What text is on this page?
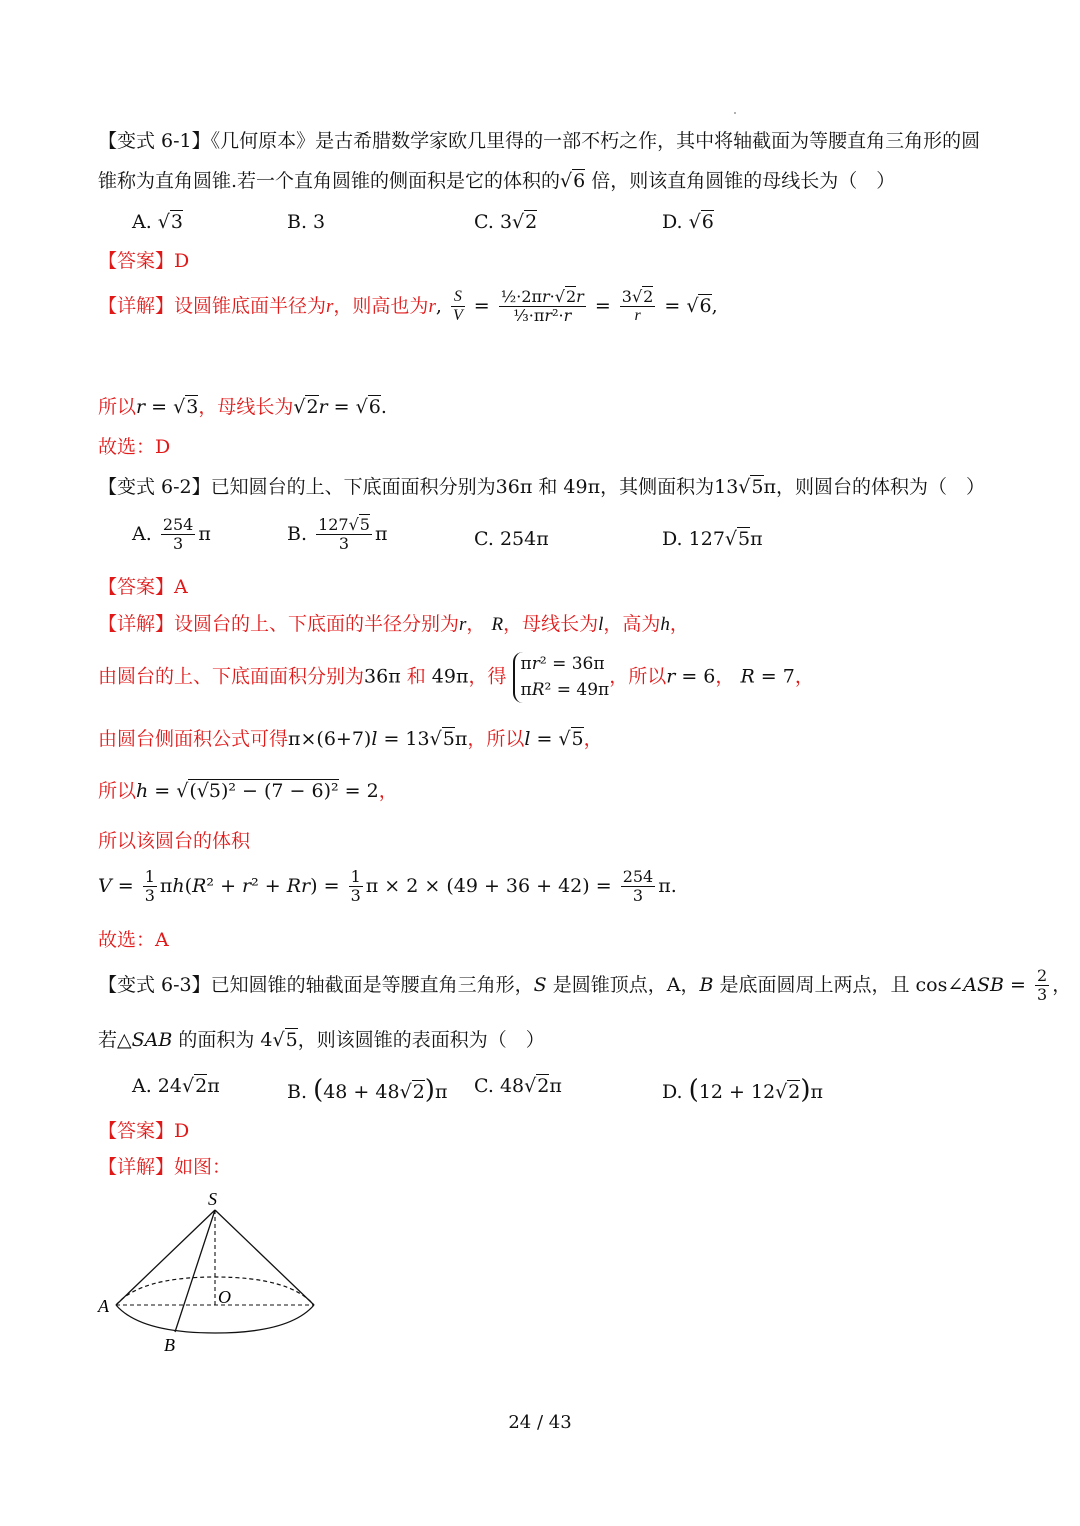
【变式 6-1】《几何原本》是古希腊数学家欧几里得的一部不朽之作，其中将轴截面为等腰直角三角形的圆
锥称为直角圆锥.若一个直角圆锥的侧面积是它的体积的√6 倍，则该直角圆锥的母线长为（　）
A. √3	B. 3	C. 3√2	D. √6
【答案】D
【详解】设圆锥底面半径为r，则高也为r, $\frac{S}{V} = \frac{\text{½·2πr·√2r}}{\text{⅓·πr²·r}} = \frac{3√2}{r} = √6$,
所以r = √3，母线长为√2r = √6.
故选：D
【变式 6-2】已知圆台的上、下底面面积分别为36π 和 49π，其侧面积为13√5π，则圆台的体积为（　）
A. $\frac{254}{3}$ π	B. $\frac{127√5}{3}$ π	C. 254π	D. 127√5π
【答案】A
【详解】设圆台的上、下底面的半径分别为r， R，母线长为l，高为h，
由圆台的上、下底面面积分别为36π 和 49π，得
πr² = 36π
πR² = 49π
，所以r = 6， R = 7，
由圆台侧面积公式可得π×(6+7)l = 13√5π，所以l = √5，
所以h = √(√5)² − (7 − 6)² = 2，
所以该圆台的体积
$V = \frac{1}{3} \pi h(R^2 + r^2 + Rr) = \frac{1}{3}$ $\pi \times 2 \times (49 + 36 + 42) = \frac{254}{3} \pi$.
故选：A
【变式 6-3】已知圆锥的轴截面是等腰直角三角形，S 是圆锥顶点，A，B 是底面圆周上两点，且 cos∠ASB = $\frac{2}{3}$ ，
若△SAB 的面积为 4√5，则该圆锥的表面积为（　）
A. 24√2π	B. (48 + 48√2)π C. 48√2π	D. (12 + 12√2)π
【答案】D
【详解】如图：
S
A
B
O
24 / 43
